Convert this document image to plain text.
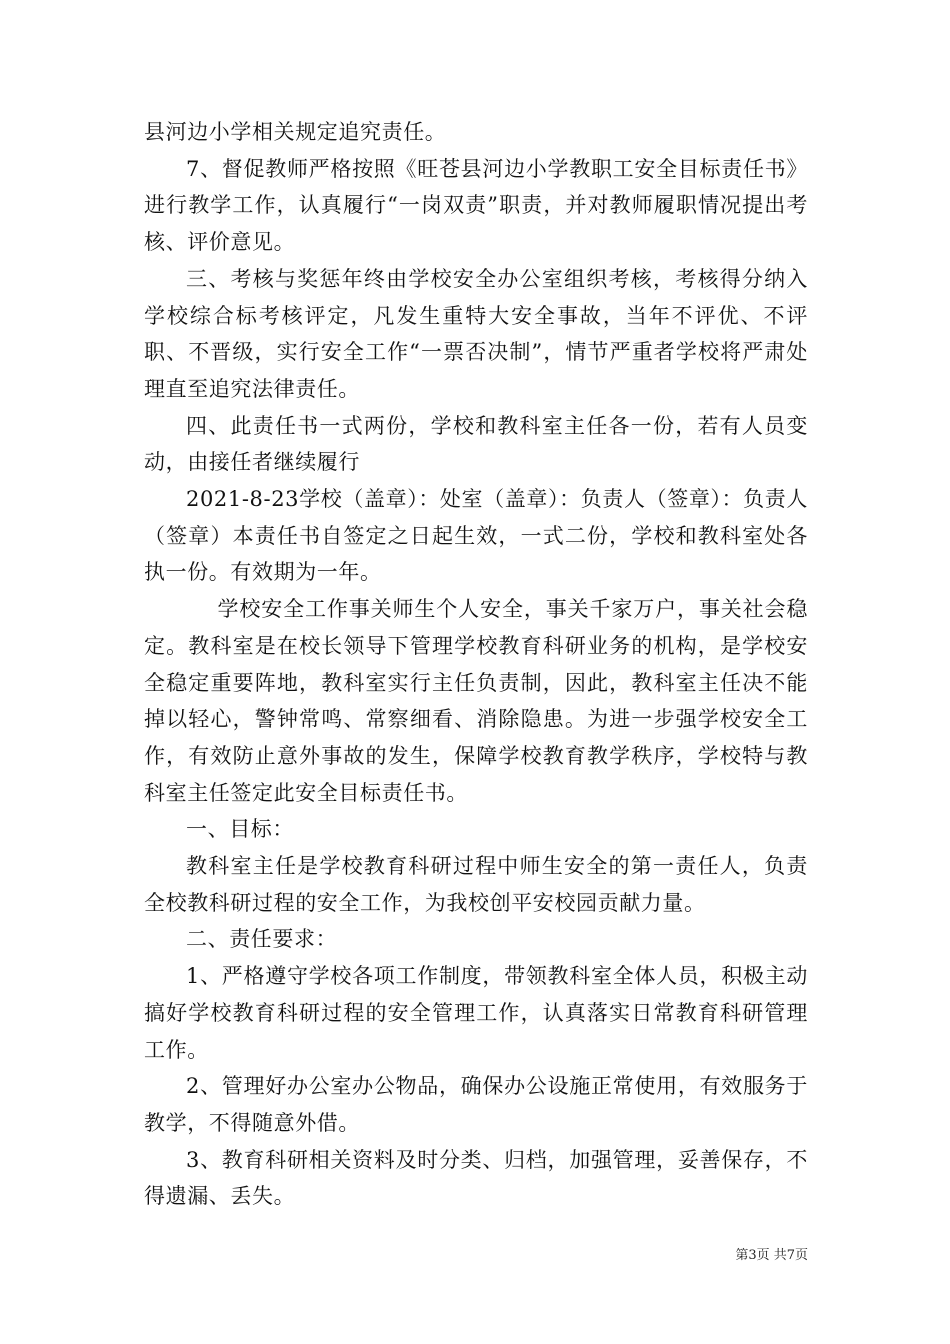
县河边小学相关规定追究责任。

7、督促教师严格按照《旺苍县河边小学教职工安全目标责任书》进行教学工作，认真履行“一岗双责”职责，并对教师履职情况提出考核、评价意见。

三、考核与奖惩年终由学校安全办公室组织考核，考核得分纳入学校综合标考核评定，凡发生重特大安全事故，当年不评优、不评职、不晋级，实行安全工作“一票否决制”，情节严重者学校将严肃处理直至追究法律责任。

四、此责任书一式两份，学校和教科室主任各一份，若有人员变动，由接任者继续履行

2021-8-23学校（盖章）：处室（盖章）：负责人（签章）：负责人（签章）本责任书自签定之日起生效，一式二份，学校和教科室处各执一份。有效期为一年。

学校安全工作事关师生个人安全，事关千家万户，事关社会稳定。教科室是在校长领导下管理学校教育科研业务的机构，是学校安全稳定重要阵地，教科室实行主任负责制，因此，教科室主任决不能掉以轻心，警钟常鸣、常察细看、消除隐患。为进一步强学校安全工作，有效防止意外事故的发生，保障学校教育教学秩序，学校特与教科室主任签定此安全目标责任书。

一、目标：

教科室主任是学校教育科研过程中师生安全的第一责任人，负责全校教科研过程的安全工作，为我校创平安校园贡献力量。

二、责任要求：

1、严格遵守学校各项工作制度，带领教科室全体人员，积极主动搞好学校教育科研过程的安全管理工作，认真落实日常教育科研管理工作。

2、管理好办公室办公物品，确保办公设施正常使用，有效服务于教学，不得随意外借。

3、教育科研相关资料及时分类、归档，加强管理，妥善保存，不得遗漏、丢失。

第3页 共7页
